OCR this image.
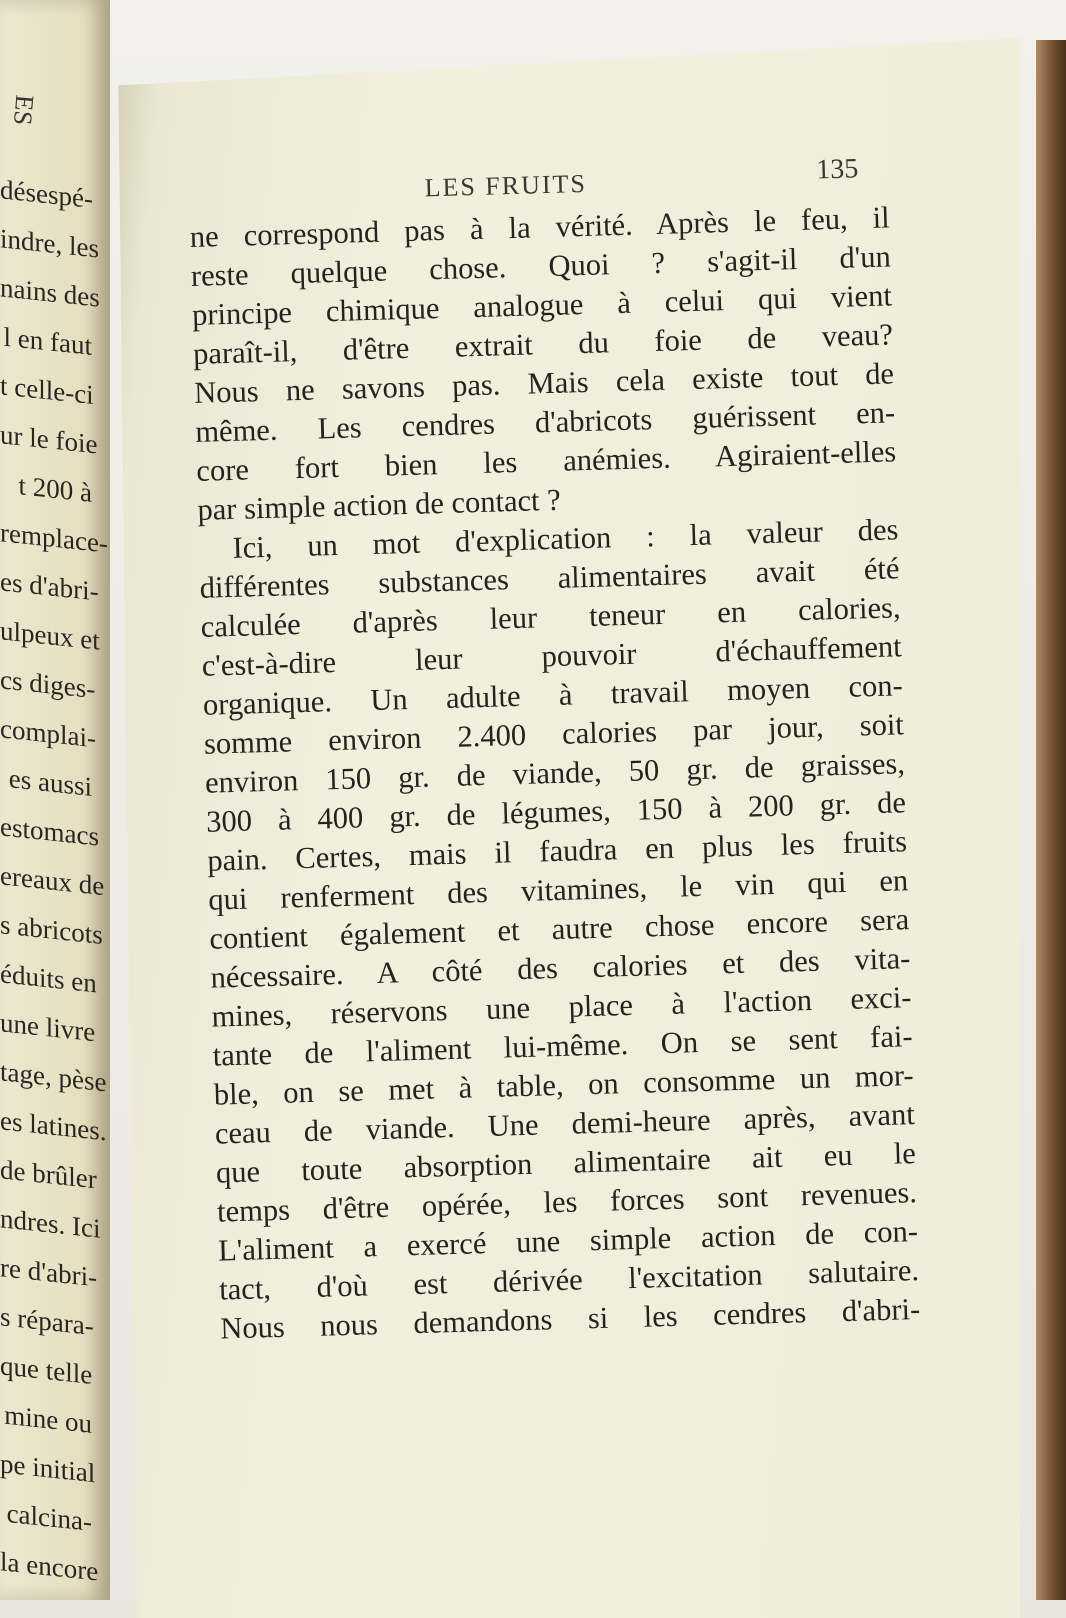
ES
désespé-
indre, les
nains des
l en faut
t celle-ci
ur le foie
t 200 à
remplace-
es d'abri-
ulpeux et
cs diges-
complai-
es aussi
estomacs
ereaux de
s abricots
éduits en
une livre
tage, pèse
es latines.
de brûler
ndres. Ici
re d'abri-
s répara-
que telle
mine ou
pe initial
calcina-
la encore
LES FRUITS	135
ne correspond pas à la vérité. Après le feu, il
reste quelque chose. Quoi ? s'agit-il d'un
principe chimique analogue à celui qui vient
paraît-il, d'être extrait du foie de veau?
Nous ne savons pas. Mais cela existe tout de
même. Les cendres d'abricots guérissent en-
core fort bien les anémies. Agiraient-elles
par simple action de contact ?
Ici, un mot d'explication : la valeur des
différentes substances alimentaires avait été
calculée d'après leur teneur en calories,
c'est-à-dire leur pouvoir d'échauffement
organique. Un adulte à travail moyen con-
somme environ 2.400 calories par jour, soit
environ 150 gr. de viande, 50 gr. de graisses,
300 à 400 gr. de légumes, 150 à 200 gr. de
pain. Certes, mais il faudra en plus les fruits
qui renferment des vitamines, le vin qui en
contient également et autre chose encore sera
nécessaire. A côté des calories et des vita-
mines, réservons une place à l'action exci-
tante de l'aliment lui-même. On se sent fai-
ble, on se met à table, on consomme un mor-
ceau de viande. Une demi-heure après, avant
que toute absorption alimentaire ait eu le
temps d'être opérée, les forces sont revenues.
L'aliment a exercé une simple action de con-
tact, d'où est dérivée l'excitation salutaire.
Nous nous demandons si les cendres d'abri-
